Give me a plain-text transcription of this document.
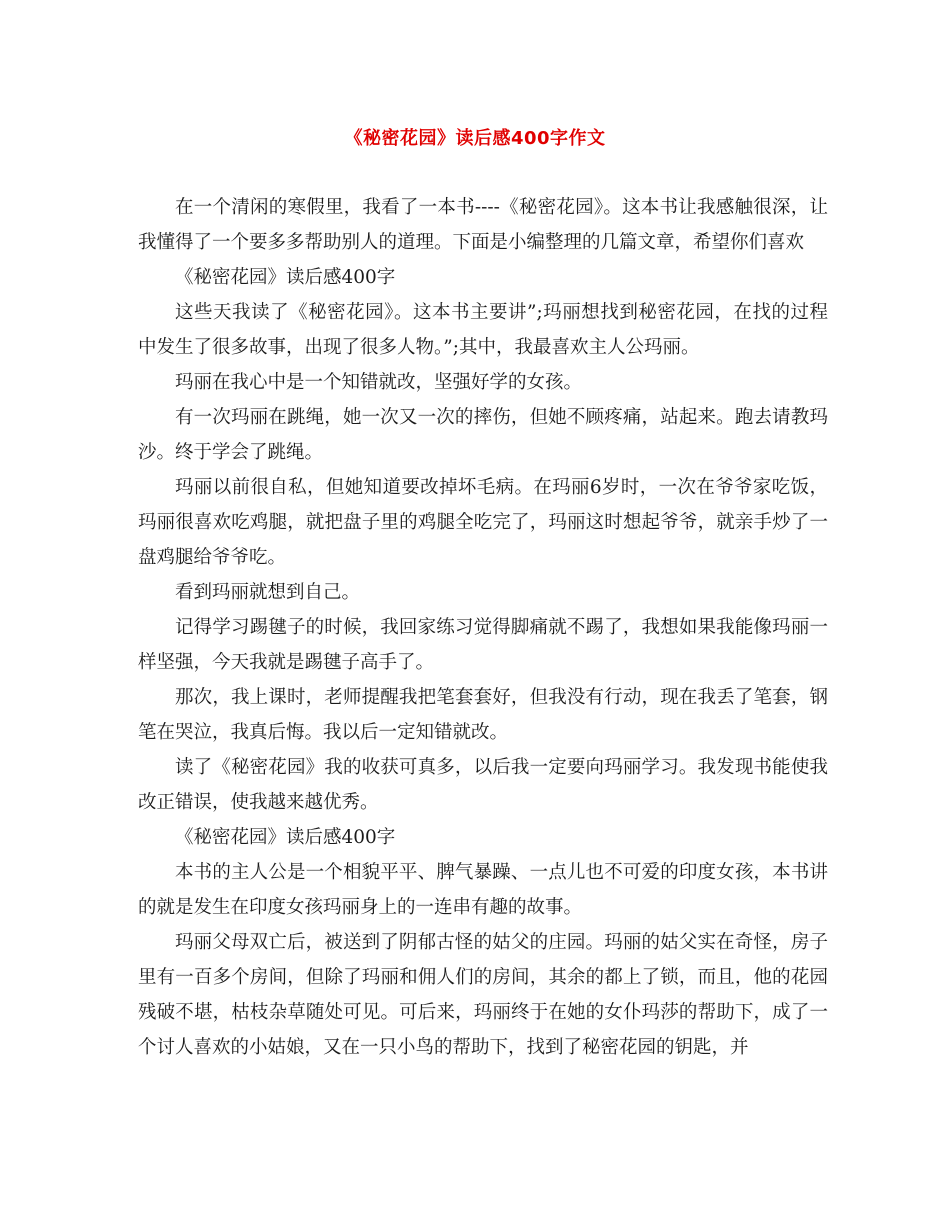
《秘密花园》读后感400字作文

在一个清闲的寒假里，我看了一本书----《秘密花园》。这本书让我感触很深，让我懂得了一个要多多帮助别人的道理。下面是小编整理的几篇文章，希望你们喜欢

《秘密花园》读后感400字

这些天我读了《秘密花园》。这本书主要讲”;玛丽想找到秘密花园，在找的过程中发生了很多故事，出现了很多人物。”;其中，我最喜欢主人公玛丽。

玛丽在我心中是一个知错就改，坚强好学的女孩。

有一次玛丽在跳绳，她一次又一次的摔伤，但她不顾疼痛，站起来。跑去请教玛沙。终于学会了跳绳。

玛丽以前很自私，但她知道要改掉坏毛病。在玛丽6岁时，一次在爷爷家吃饭，玛丽很喜欢吃鸡腿，就把盘子里的鸡腿全吃完了，玛丽这时想起爷爷，就亲手炒了一盘鸡腿给爷爷吃。

看到玛丽就想到自己。

记得学习踢毽子的时候，我回家练习觉得脚痛就不踢了，我想如果我能像玛丽一样坚强，今天我就是踢毽子高手了。

那次，我上课时，老师提醒我把笔套套好，但我没有行动，现在我丢了笔套，钢笔在哭泣，我真后悔。我以后一定知错就改。

读了《秘密花园》我的收获可真多，以后我一定要向玛丽学习。我发现书能使我改正错误，使我越来越优秀。

《秘密花园》读后感400字

本书的主人公是一个相貌平平、脾气暴躁、一点儿也不可爱的印度女孩，本书讲的就是发生在印度女孩玛丽身上的一连串有趣的故事。

玛丽父母双亡后，被送到了阴郁古怪的姑父的庄园。玛丽的姑父实在奇怪，房子里有一百多个房间，但除了玛丽和佣人们的房间，其余的都上了锁，而且，他的花园残破不堪，枯枝杂草随处可见。可后来，玛丽终于在她的女仆玛莎的帮助下，成了一个讨人喜欢的小姑娘，又在一只小鸟的帮助下，找到了秘密花园的钥匙，并
